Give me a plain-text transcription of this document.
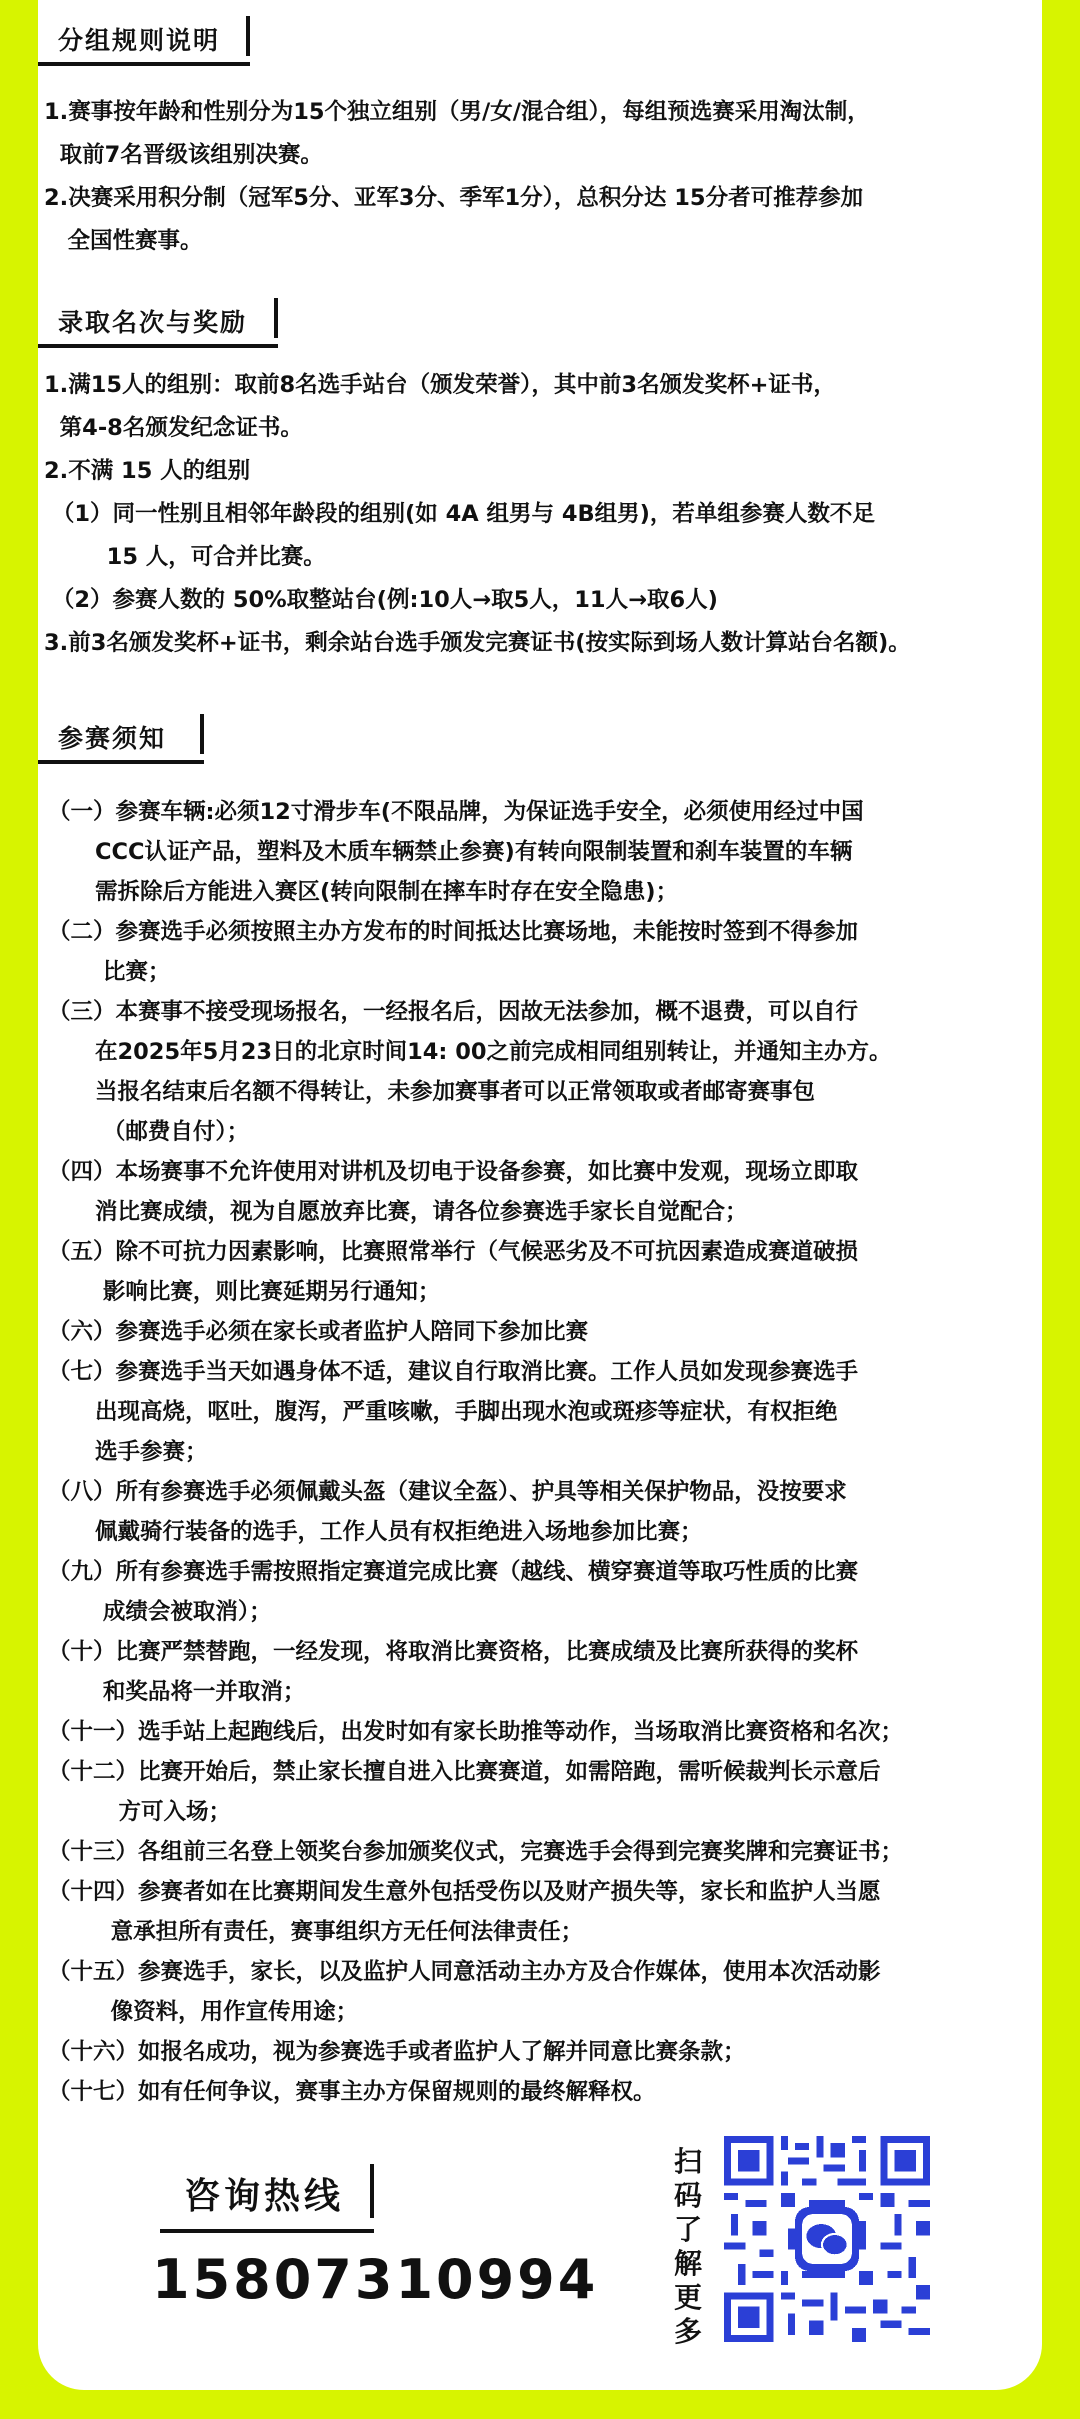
分组规则说明
1.赛事按年龄和性别分为15个独立组别（男/女/混合组），每组预选赛采用淘汰制，
取前7名晋级该组别决赛。
2.决赛采用积分制（冠军5分、亚军3分、季军1分），总积分达 15分者可推荐参加
全国性赛事。
录取名次与奖励
1.满15人的组别：取前8名选手站台（颁发荣誉），其中前3名颁发奖杯+证书，
第4-8名颁发纪念证书。
2.不满 15 人的组别
（1）同一性别且相邻年龄段的组别(如 4A 组男与 4B组男)，若单组参赛人数不足
15 人，可合并比赛。
（2）参赛人数的 50%取整站台(例:10人→取5人，11人→取6人)
3.前3名颁发奖杯+证书，剩余站台选手颁发完赛证书(按实际到场人数计算站台名额)。
参赛须知
（一）参赛车辆:必须12寸滑步车(不限品牌，为保证选手安全，必须使用经过中国
CCC认证产品，塑料及木质车辆禁止参赛)有转向限制装置和刹车装置的车辆
需拆除后方能进入赛区(转向限制在摔车时存在安全隐患)；
（二）参赛选手必须按照主办方发布的时间抵达比赛场地，未能按时签到不得参加
比赛；
（三）本赛事不接受现场报名，一经报名后，因故无法参加，概不退费，可以自行
在2025年5月23日的北京时间14: 00之前完成相同组别转让，并通知主办方。
当报名结束后名额不得转让，未参加赛事者可以正常领取或者邮寄赛事包
（邮费自付）；
（四）本场赛事不允许使用对讲机及切电于设备参赛，如比赛中发观，现场立即取
消比赛成绩，视为自愿放弃比赛，请各位参赛选手家长自觉配合；
（五）除不可抗力因素影响，比赛照常举行（气候恶劣及不可抗因素造成赛道破损
影响比赛，则比赛延期另行通知；
（六）参赛选手必须在家长或者监护人陪同下参加比赛
（七）参赛选手当天如遇身体不适，建议自行取消比赛。工作人员如发现参赛选手
出现高烧，呕吐，腹泻，严重咳嗽，手脚出现水泡或斑疹等症状，有权拒绝
选手参赛；
（八）所有参赛选手必须佩戴头盔（建议全盔）、护具等相关保护物品，没按要求
佩戴骑行装备的选手，工作人员有权拒绝进入场地参加比赛；
（九）所有参赛选手需按照指定赛道完成比赛（越线、横穿赛道等取巧性质的比赛
成绩会被取消）；
（十）比赛严禁替跑，一经发现，将取消比赛资格，比赛成绩及比赛所获得的奖杯
和奖品将一并取消；
（十一）选手站上起跑线后，出发时如有家长助推等动作，当场取消比赛资格和名次；
（十二）比赛开始后，禁止家长擅自进入比赛赛道，如需陪跑，需听候裁判长示意后
方可入场；
（十三）各组前三名登上领奖台参加颁奖仪式，完赛选手会得到完赛奖牌和完赛证书；
（十四）参赛者如在比赛期间发生意外包括受伤以及财产损失等，家长和监护人当愿
意承担所有责任，赛事组织方无任何法律责任；
（十五）参赛选手，家长，以及监护人同意活动主办方及合作媒体，使用本次活动影
像资料，用作宣传用途；
（十六）如报名成功，视为参赛选手或者监护人了解并同意比赛条款；
（十七）如有任何争议，赛事主办方保留规则的最终解释权。
咨询热线
15807310994
扫码了解更多
